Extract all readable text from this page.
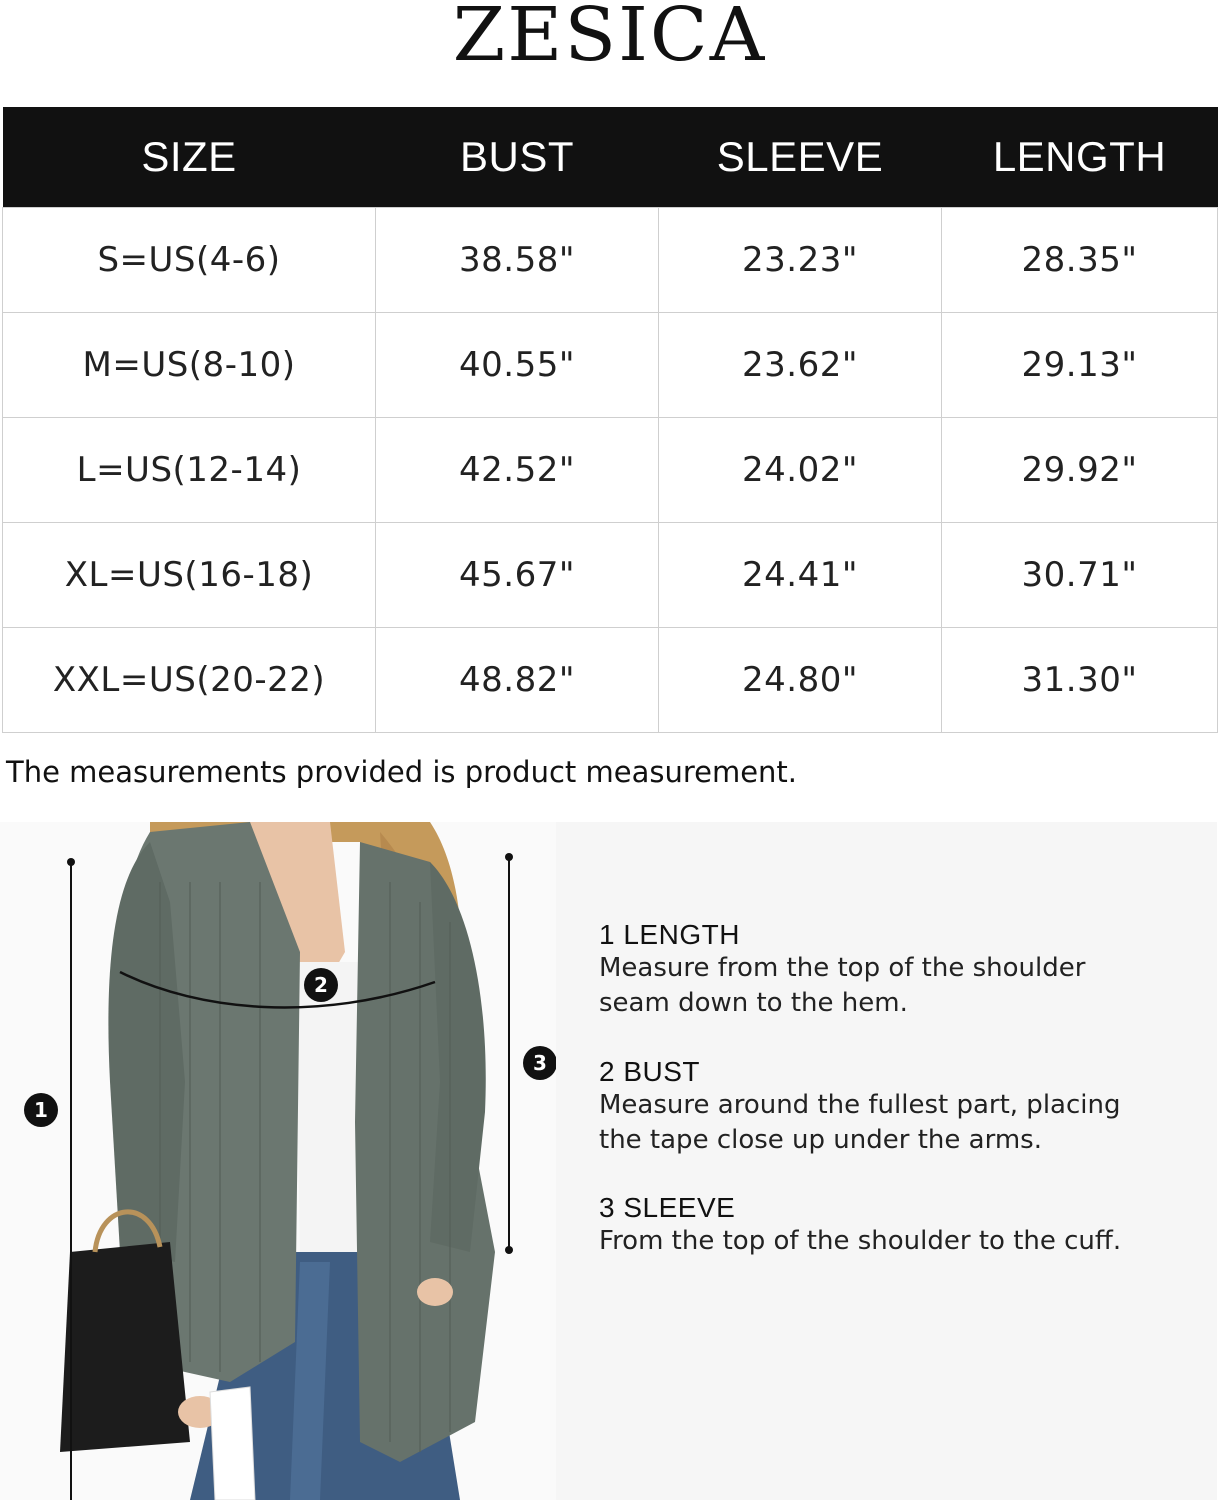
ZESICA
SIZE	BUST	SLEEVE	LENGTH
S=US(4-6)	38.58"	23.23"	28.35"
M=US(8-10)	40.55"	23.62"	29.13"
L=US(12-14)	42.52"	24.02"	29.92"
XL=US(16-18)	45.67"	24.41"	30.71"
XXL=US(20-22)	48.82"	24.80"	31.30"
The measurements provided is product measurement.
1
2
3
1 LENGTH
Measure from the top of the shoulder
seam down to the hem.
2 BUST
Measure around the fullest part, placing
the tape close up under the arms.
3 SLEEVE
From the top of the shoulder to the cuff.
